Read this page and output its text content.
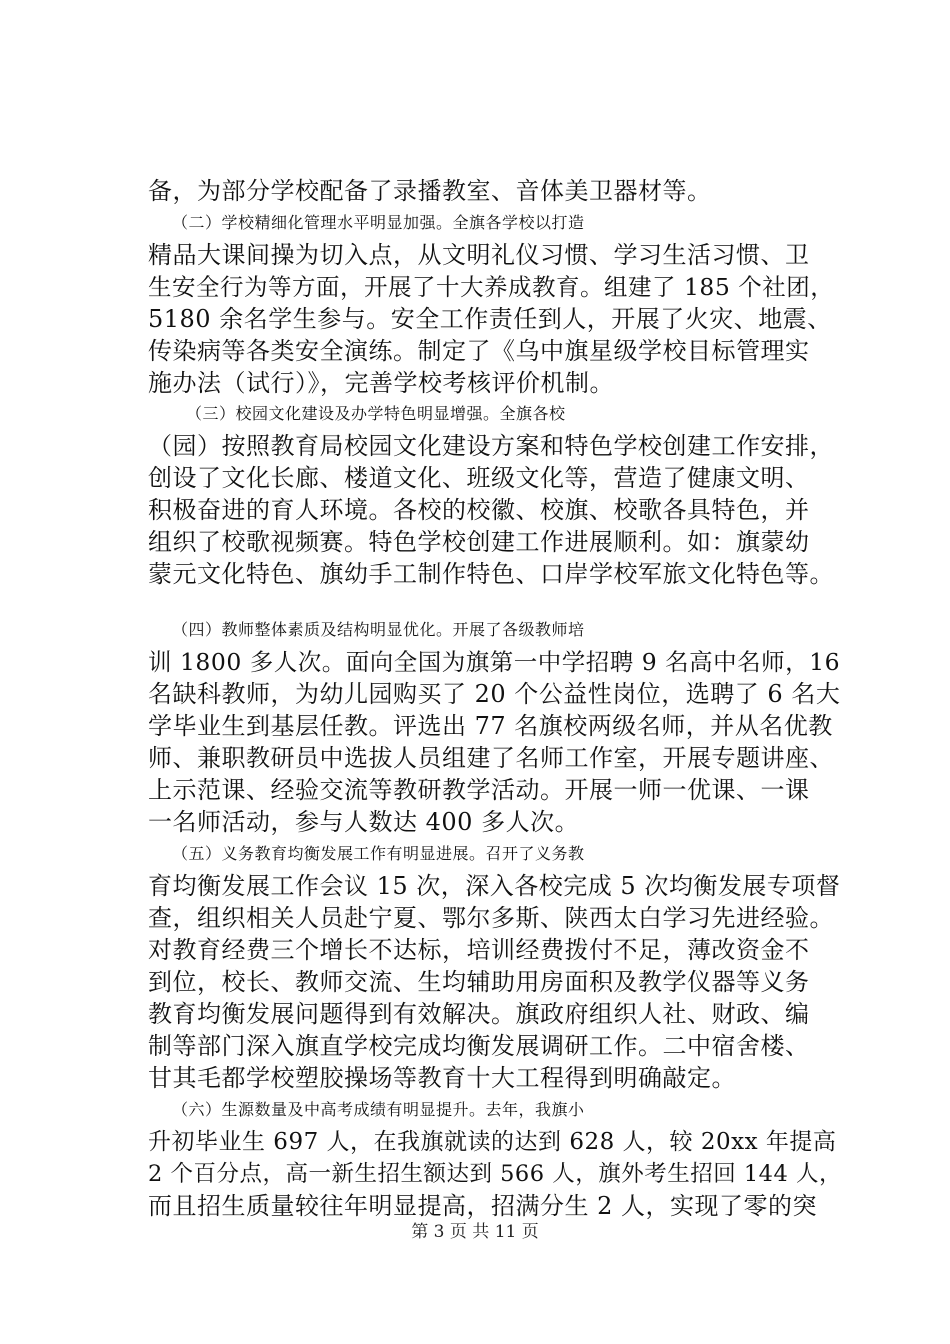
备，为部分学校配备了录播教室、音体美卫器材等。
（二）学校精细化管理水平明显加强。全旗各学校以打造
精品大课间操为切入点，从文明礼仪习惯、学习生活习惯、卫
生安全行为等方面，开展了十大养成教育。组建了 185 个社团，
5180 余名学生参与。安全工作责任到人，开展了火灾、地震、
传染病等各类安全演练。制定了《乌中旗星级学校目标管理实
施办法（试行）》，完善学校考核评价机制。
（三）校园文化建设及办学特色明显增强。全旗各校
（园）按照教育局校园文化建设方案和特色学校创建工作安排，
创设了文化长廊、楼道文化、班级文化等，营造了健康文明、
积极奋进的育人环境。各校的校徽、校旗、校歌各具特色，并
组织了校歌视频赛。特色学校创建工作进展顺利。如：旗蒙幼
蒙元文化特色、旗幼手工制作特色、口岸学校军旅文化特色等。
（四）教师整体素质及结构明显优化。开展了各级教师培
训 1800 多人次。面向全国为旗第一中学招聘 9 名高中名师，16
名缺科教师，为幼儿园购买了 20 个公益性岗位，选聘了 6 名大
学毕业生到基层任教。评选出 77 名旗校两级名师，并从名优教
师、兼职教研员中选拔人员组建了名师工作室，开展专题讲座、
上示范课、经验交流等教研教学活动。开展一师一优课、一课
一名师活动，参与人数达 400 多人次。
（五）义务教育均衡发展工作有明显进展。召开了义务教
育均衡发展工作会议 15 次，深入各校完成 5 次均衡发展专项督
查，组织相关人员赴宁夏、鄂尔多斯、陕西太白学习先进经验。
对教育经费三个增长不达标，培训经费拨付不足，薄改资金不
到位，校长、教师交流、生均辅助用房面积及教学仪器等义务
教育均衡发展问题得到有效解决。旗政府组织人社、财政、编
制等部门深入旗直学校完成均衡发展调研工作。二中宿舍楼、
甘其毛都学校塑胶操场等教育十大工程得到明确敲定。
（六）生源数量及中高考成绩有明显提升。去年，我旗小
升初毕业生 697 人，在我旗就读的达到 628 人，较 20xx 年提高
2 个百分点，高一新生招生额达到 566 人，旗外考生招回 144 人，
而且招生质量较往年明显提高，招满分生 2 人，实现了零的突
第 3 页 共 11 页
